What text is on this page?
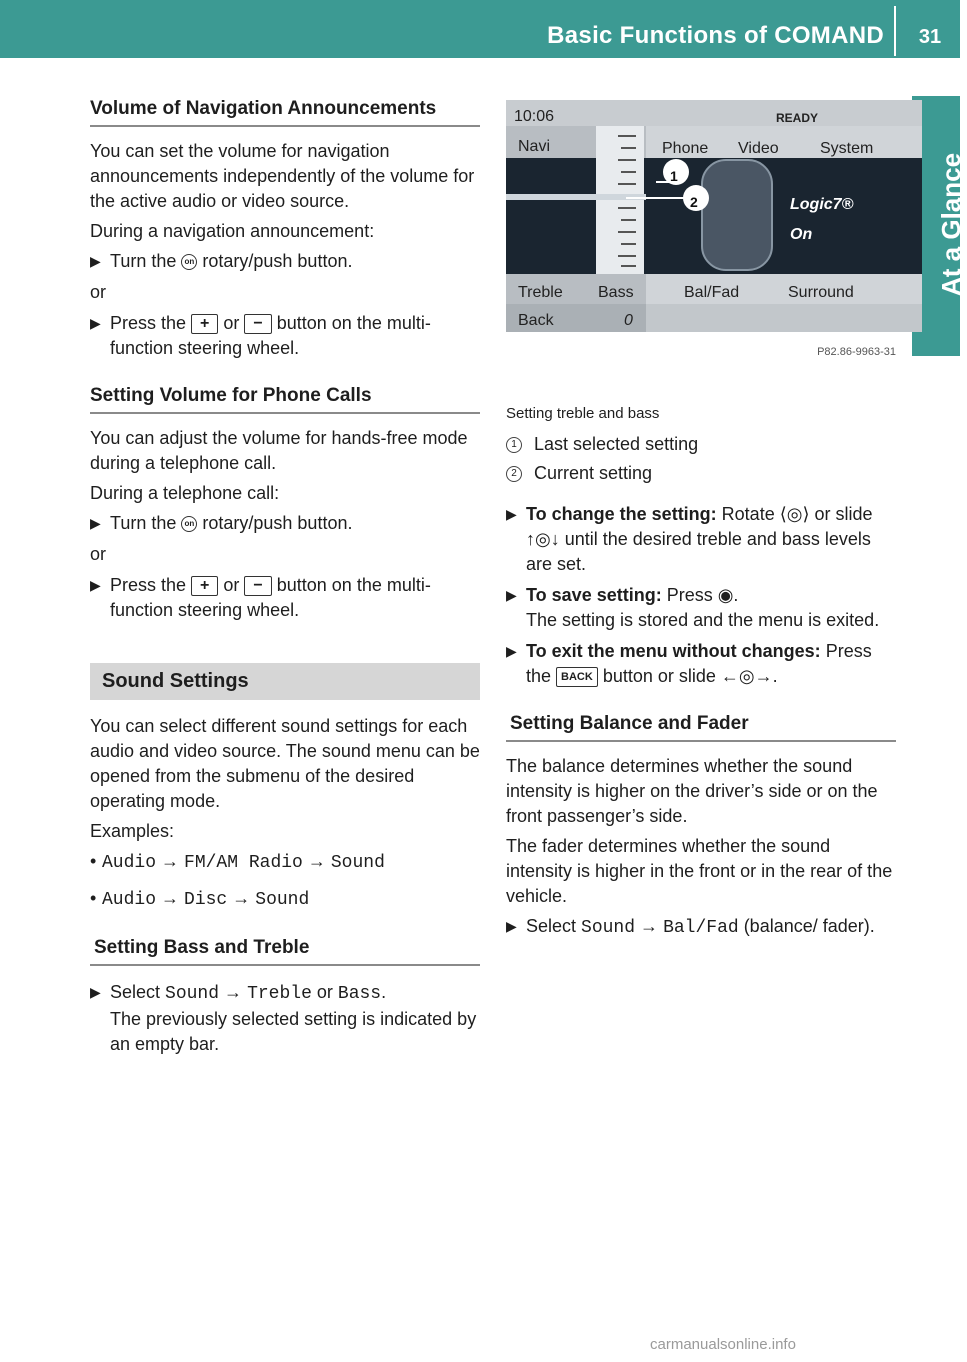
Basic Functions of COMAND	31
At a Glance
Volume of Navigation Announcements
You can set the volume for navigation announcements independently of the volume for the active audio or video source.
During a navigation announcement:
▶ Turn the on rotary/push button.
or
▶ Press the + or − button on the multi-function steering wheel.
Setting Volume for Phone Calls
You can adjust the volume for hands-free mode during a telephone call.
During a telephone call:
▶ Turn the on rotary/push button.
or
▶ Press the + or − button on the multi-function steering wheel.
Sound Settings
You can select different sound settings for each audio and video source. The sound menu can be opened from the submenu of the desired operating mode.
Examples:
• Audio → FM/AM Radio → Sound
• Audio → Disc → Sound
Setting Bass and Treble
▶ Select Sound → Treble or Bass.
The previously selected setting is indicated by an empty bar.
10:06	READY
Navi	Phone Video	System
Logic7®
On
1
2
Treble Bass	Bal/Fad	Surround
Back	0
P82.86-9963-31
Setting treble and bass
1 Last selected setting
2 Current setting
▶ To change the setting: Rotate ⟨◎⟩ or slide ↑◎↓ until the desired treble and bass levels are set.
▶ To save setting: Press ◉.
The setting is stored and the menu is exited.
▶ To exit the menu without changes: Press the BACK button or slide ←◎→.
Setting Balance and Fader
The balance determines whether the sound intensity is higher on the driver’s side or on the front passenger’s side.
The fader determines whether the sound intensity is higher in the front or in the rear of the vehicle.
▶ Select Sound → Bal/Fad (balance/ fader).
carmanualsonline.info
